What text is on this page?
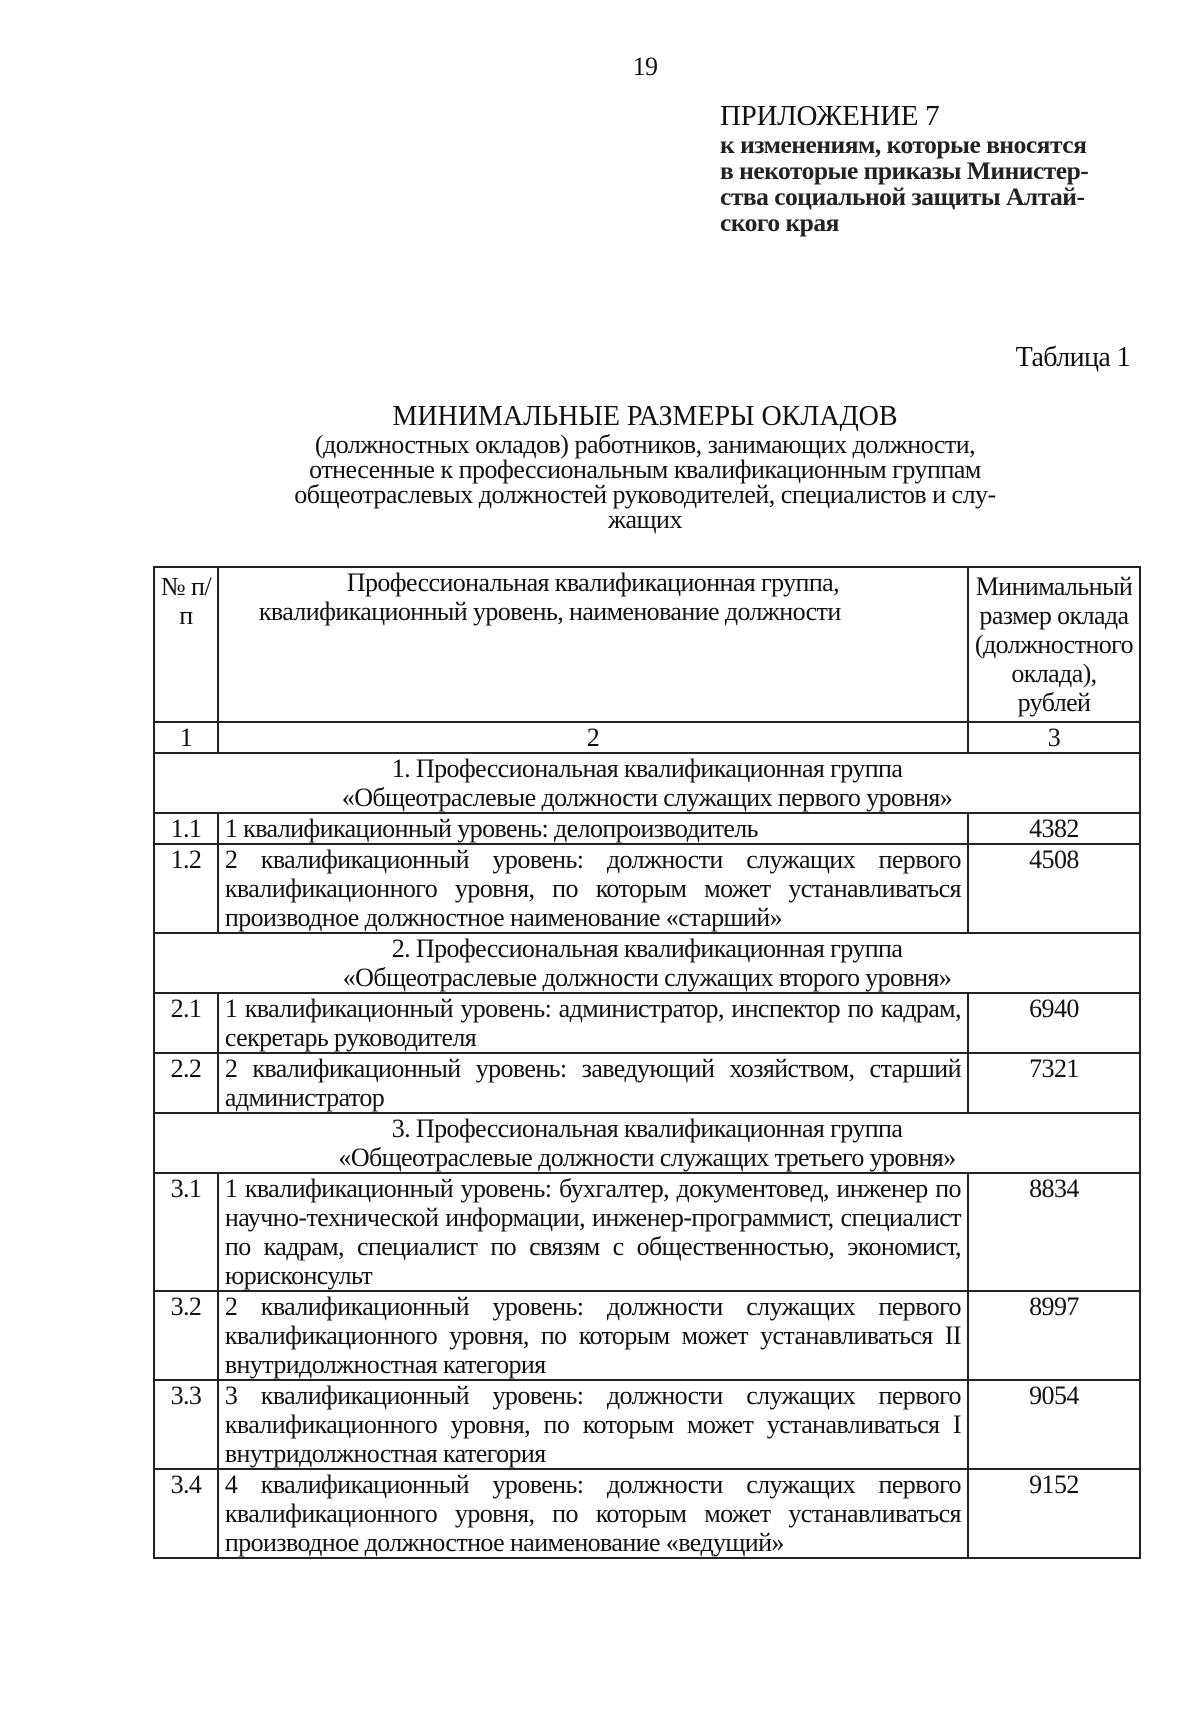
19
ПРИЛОЖЕНИЕ 7
к изменениям, которые вносятся
в некоторые приказы Министер-
ства социальной защиты Алтай-
ского края
Таблица 1
МИНИМАЛЬНЫЕ РАЗМЕРЫ ОКЛАДОВ
(должностных окладов) работников, занимающих должности,
отнесенные к профессиональным квалификационным группам
общеотраслевых должностей руководителей, специалистов и слу-
жащих
№ п/п	Профессиональная квалификационная группа, квалификационный уровень, наименование должности	Минимальный размер оклада (должностного оклада), рублей
1	2	3

1. Профессиональная квалификационная группа
«Общеотраслевые должности служащих первого уровня»		

1.1	1 квалификационный уровень: делопроизводитель	4382
1.2	2 квалификационный уровень: должности служащих первого квалификационного уровня, по которым может устанавливаться производное должностное наименование «старший»	4508

2. Профессиональная квалификационная группа
«Общеотраслевые должности служащих второго уровня»		

2.1	1 квалификационный уровень: администратор, инспектор по кадрам, секретарь руководителя	6940
2.2	2 квалификационный уровень: заведующий хозяйством, старший администратор	7321

3. Профессиональная квалификационная группа
«Общеотраслевые должности служащих третьего уровня»		

3.1	1 квалификационный уровень: бухгалтер, документовед, инженер по научно-технической информации, инженер-программист, специалист по кадрам, специалист по связям с общественностью, экономист, юрисконсульт	8834
3.2	2 квалификационный уровень: должности служащих первого квалификационного уровня, по которым может устанавливаться II внутридолжностная категория	8997
3.3	3 квалификационный уровень: должности служащих первого квалификационного уровня, по которым может устанавливаться I внутридолжностная категория	9054
3.4	4 квалификационный уровень: должности служащих первого квалификационного уровня, по которым может устанавливаться производное должностное наименование «ведущий»	9152
